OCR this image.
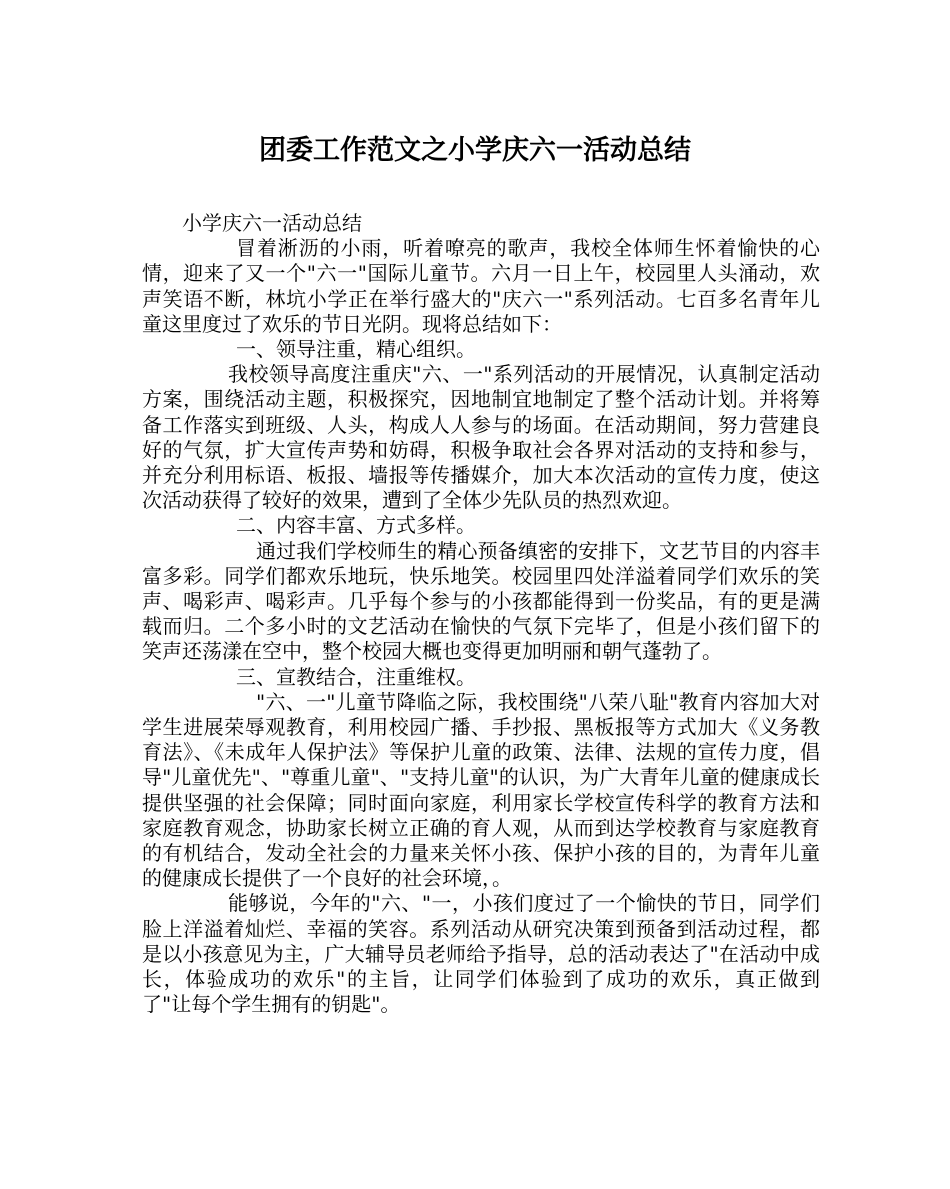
团委工作范文之小学庆六一活动总结

小学庆六一活动总结

冒着淅沥的小雨，听着嘹亮的歌声，我校全体师生怀着愉快的心情，迎来了又一个"六一"国际儿童节。六月一日上午，校园里人头涌动，欢声笑语不断，林坑小学正在举行盛大的"庆六一"系列活动。七百多名青年儿童这里度过了欢乐的节日光阴。现将总结如下：

一、领导注重，精心组织。

我校领导高度注重庆"六、一"系列活动的开展情况，认真制定活动方案，围绕活动主题，积极探究，因地制宜地制定了整个活动计划。并将筹备工作落实到班级、人头，构成人人参与的场面。在活动期间，努力营建良好的气氛，扩大宣传声势和妨碍，积极争取社会各界对活动的支持和参与，并充分利用标语、板报、墙报等传播媒介，加大本次活动的宣传力度，使这次活动获得了较好的效果，遭到了全体少先队员的热烈欢迎。

二、内容丰富、方式多样。

通过我们学校师生的精心预备缜密的安排下，文艺节目的内容丰富多彩。同学们都欢乐地玩，快乐地笑。校园里四处洋溢着同学们欢乐的笑声、喝彩声、喝彩声。几乎每个参与的小孩都能得到一份奖品，有的更是满载而归。二个多小时的文艺活动在愉快的气氛下完毕了，但是小孩们留下的笑声还荡漾在空中，整个校园大概也变得更加明丽和朝气蓬勃了。

三、宣教结合，注重维权。

"六、一"儿童节降临之际，我校围绕"八荣八耻"教育内容加大对学生进展荣辱观教育，利用校园广播、手抄报、黑板报等方式加大《义务教育法》、《未成年人保护法》等保护儿童的政策、法律、法规的宣传力度，倡导"儿童优先"、"尊重儿童"、"支持儿童"的认识，为广大青年儿童的健康成长提供坚强的社会保障；同时面向家庭，利用家长学校宣传科学的教育方法和家庭教育观念，协助家长树立正确的育人观，从而到达学校教育与家庭教育的有机结合，发动全社会的力量来关怀小孩、保护小孩的目的，为青年儿童的健康成长提供了一个良好的社会环境，。

能够说，今年的"六、"一，小孩们度过了一个愉快的节日，同学们脸上洋溢着灿烂、幸福的笑容。系列活动从研究决策到预备到活动过程，都是以小孩意见为主，广大辅导员老师给予指导，总的活动表达了"在活动中成长，体验成功的欢乐"的主旨，让同学们体验到了成功的欢乐，真正做到了"让每个学生拥有的钥匙"。
